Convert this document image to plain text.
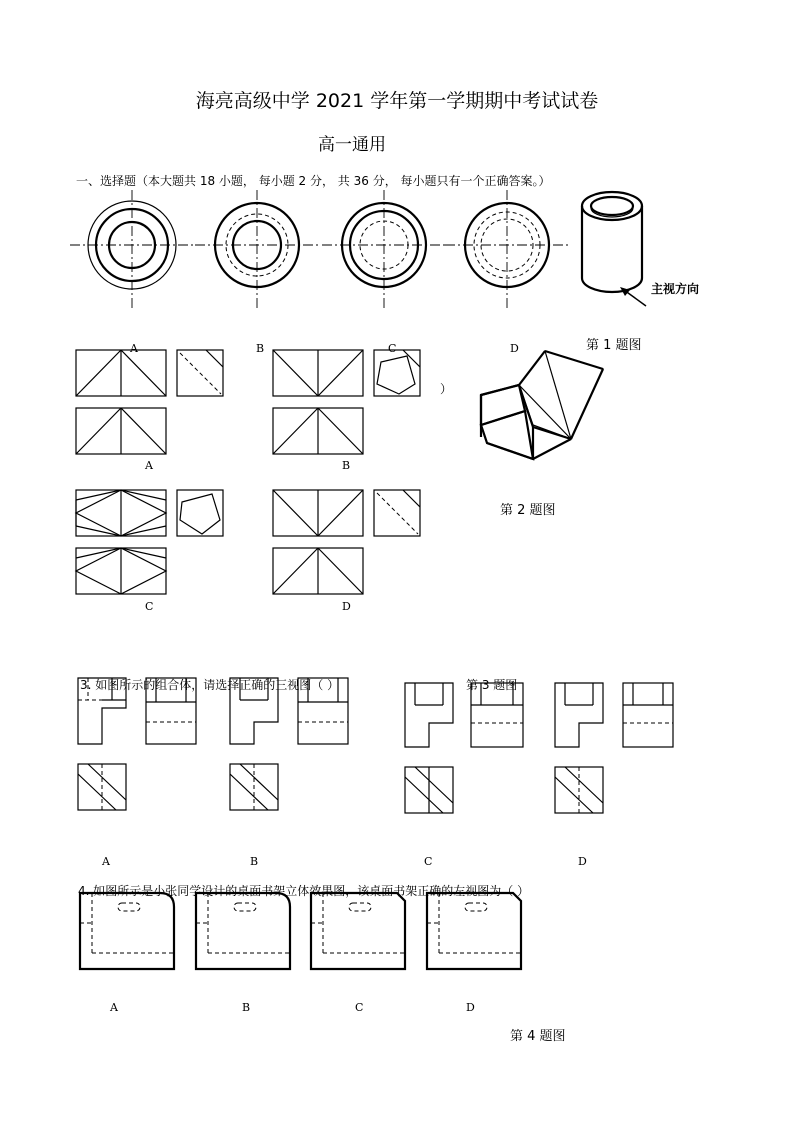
海亮高级中学 2021 学年第一学期期中考试试卷
高一通用
一、选择题（本大题共 18 小题， 每小题 2 分， 共 36 分， 每小题只有一个正确答案。）
主视方向
第 1 题图
A	B	C	D
A	B
）
第 2 题图
C	D
3. 如图所示的组合体，请选择正确的三视图（ ）	第 3 题图
A	B	C	D
4. 如图所示是小张同学设计的桌面书架立体效果图，该桌面书架正确的左视图为（ ）
A	B	C	D
第 4 题图
